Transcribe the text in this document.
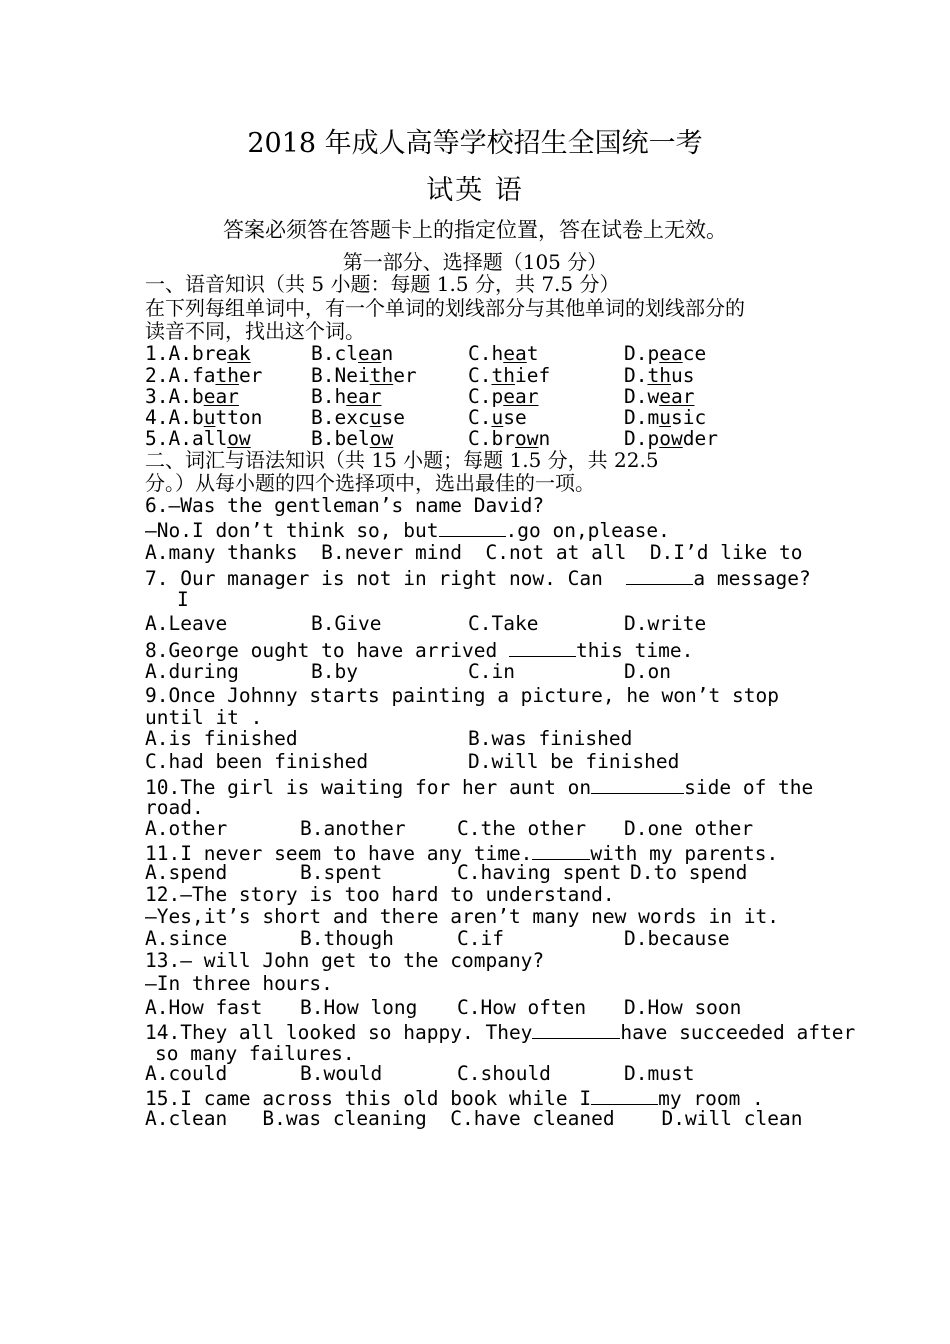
2018 年成人高等学校招生全国统一考
试英 语
答案必须答在答题卡上的指定位置，答在试卷上无效。
第一部分、选择题（105 分）
一、语音知识（共 5 小题：每题 1.5 分，共 7.5 分）
在下列每组单词中，有一个单词的划线部分与其他单词的划线部分的
读音不同，找出这个词。
1.A.break	B.clean	C.heat	D.peace
2.A.father B.Neither	C.thief	D.thus
3.A.bear	B.hear	C.pear	D.wear
4.A.button B.excuse	C.use	D.music
5.A.allow	B.below	C.brown	D.powder
二、词汇与语法知识（共 15 小题；每题 1.5 分，共 22.5
分。）从每小题的四个选择项中，选出最佳的一项。
6.—Was the gentleman’s name David?
—No.I don’t think so, but	.go on,please.
A.many thanks  B.never mind  C.not at all  D.I’d like to
7. Our manager is not in right now. Can	a message?
I
A.Leave	B.Give	C.Take	D.write
8.George ought to have arrived	this time.
A.during	B.by	C.in	D.on
9.Once Johnny starts painting a picture, he won’t stop
until it .
A.is finished	B.was finished
C.had been finished	D.will be finished
10.The girl is waiting for her aunt on	side of the
road.
A.other	B.another	C.the other D.one other
11.I never seem to have any time.	with my parents.
A.spend	B.spent	C.having spent D.to spend
12.—The story is too hard to understand.
—Yes,it’s short and there aren’t many new words in it.
A.since	B.though	C.if	D.because
13.— will John get to the company?
—In three hours.
A.How fast B.How long C.How often D.How soon
14.They all looked so happy. They	have succeeded after
so many failures.
A.could	B.would	C.should	D.must
15.I came across this old book while I	my room .
A.clean   B.was cleaning  C.have cleaned    D.will clean
